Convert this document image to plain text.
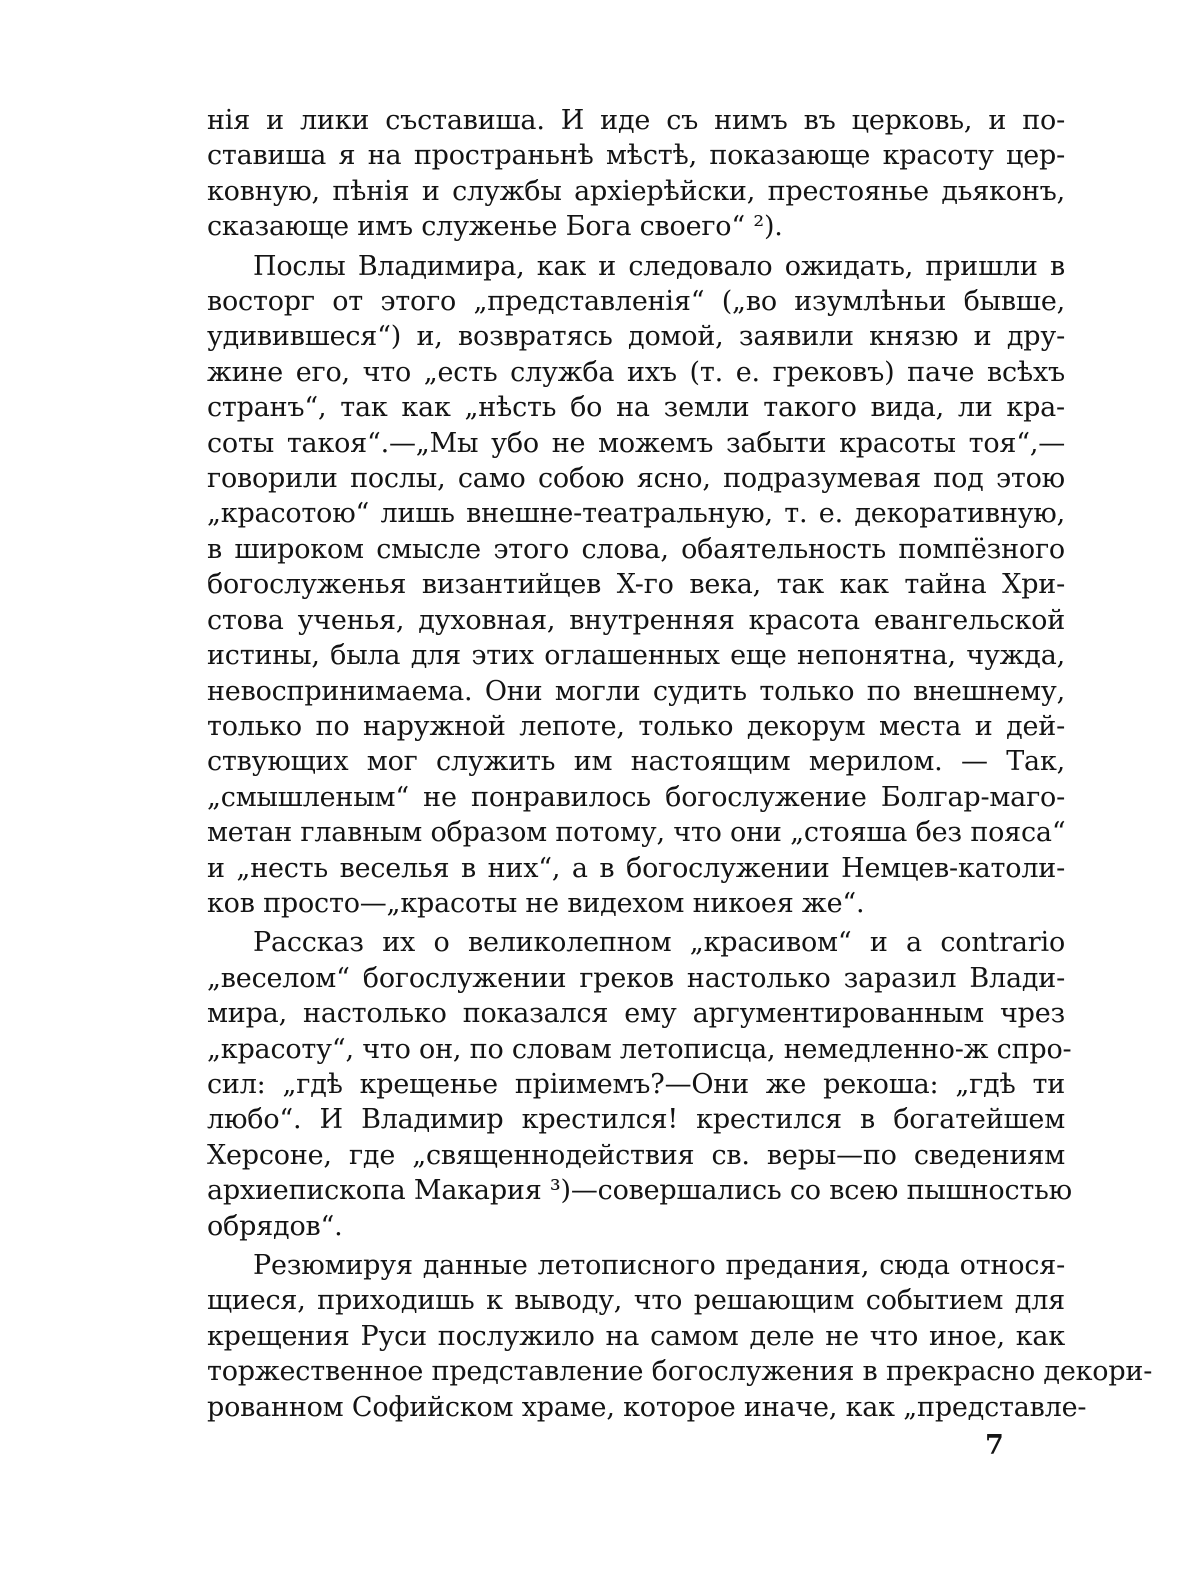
нія и лики съставиша. И иде съ нимъ въ церковь, и по-
ставиша я на пространьнѣ мѣстѣ, показающе красоту цер-
ковную, пѣнія и службы архіерѣйски, престоянье дьяконъ,
сказающе имъ служенье Бога своего“ ²).

Послы Владимира, как и следовало ожидать, пришли в
восторг от этого „представленія“ („во изумлѣньи бывше,
удивившеся“) и, возвратясь домой, заявили князю и дру-
жине его, что „есть служба ихъ (т. е. грековъ) паче всѣхъ
странъ“, так как „нѣсть бо на земли такого вида, ли кра-
соты такоя“.—„Мы убо не можемъ забыти красоты тоя“,—
говорили послы, само собою ясно, подразумевая под этою
„красотою“ лишь внешне-театральную, т. е. декоративную,
в широком смысле этого слова, обаятельность помпёзного
богослуженья византийцев X-го века, так как тайна Хри-
стова ученья, духовная, внутренняя красота евангельской
истины, была для этих оглашенных еще непонятна, чужда,
невоспринимаема. Они могли судить только по внешнему,
только по наружной лепоте, только декорум места и дей-
ствующих мог служить им настоящим мерилом. — Так,
„смышленым“ не понравилось богослужение Болгар-маго-
метан главным образом потому, что они „стояша без пояса“
и „несть веселья в них“, а в богослужении Немцев-католи-
ков просто—„красоты не видехом никоея же“.

Рассказ их о великолепном „красивом“ и a contrario
„веселом“ богослужении греков настолько заразил Влади-
мира, настолько показался ему аргументированным чрез
„красоту“, что он, по словам летописца, немедленно-ж спро-
сил: „гдѣ крещенье пріимемъ?—Они же рекоша: „гдѣ ти
любо“. И Владимир крестился! крестился в богатейшем
Херсоне, где „священнодействия св. веры—по сведениям
архиепископа Макария ³)—совершались со всею пышностью
обрядов“.

Резюмируя данные летописного предания, сюда относя-
щиеся, приходишь к выводу, что решающим событием для
крещения Руси послужило на самом деле не что иное, как
торжественное представление богослужения в прекрасно декори-
рованном Софийском храме, которое иначе, как „представле-

7
